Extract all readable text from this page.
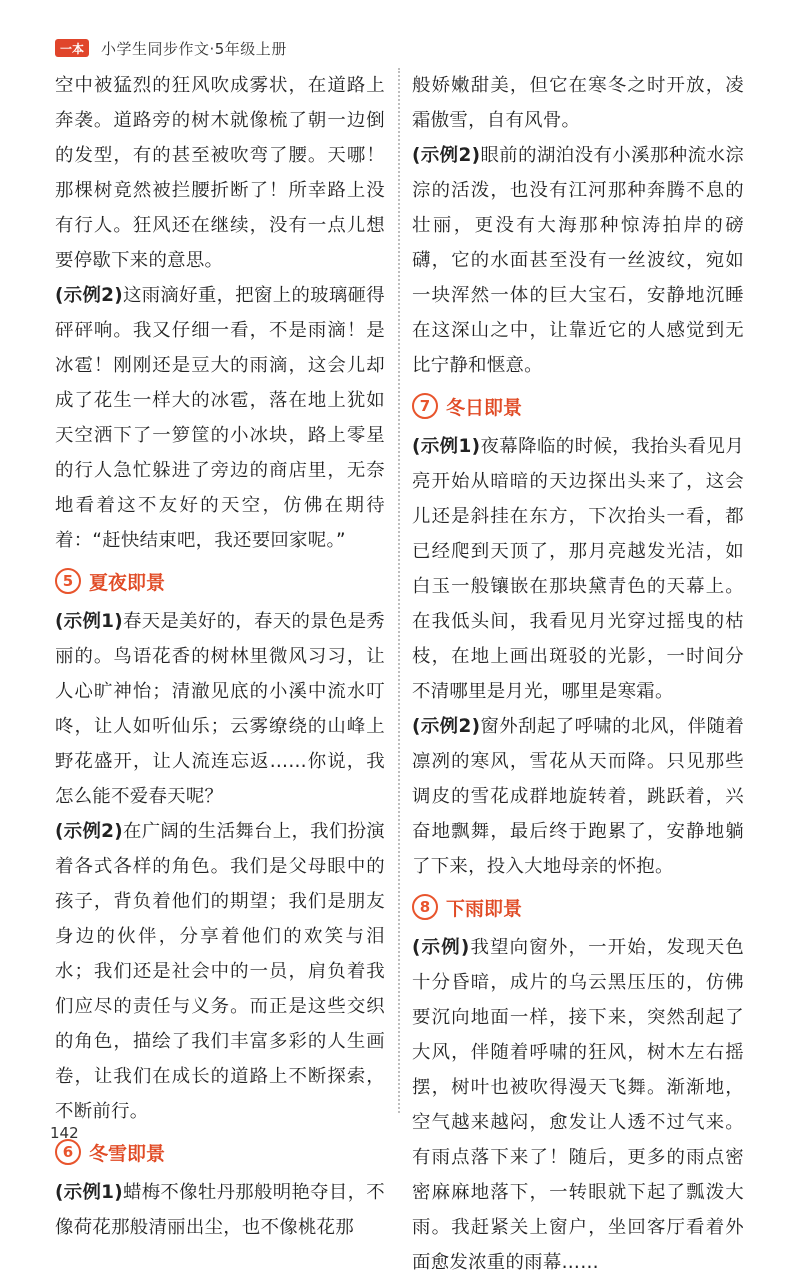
一本	小学生同步作文·5年级上册

空中被猛烈的狂风吹成雾状，在道路上奔袭。道路旁的树木就像梳了朝一边倒的发型，有的甚至被吹弯了腰。天哪！那棵树竟然被拦腰折断了！所幸路上没有行人。狂风还在继续，没有一点儿想要停歇下来的意思。

(示例2)这雨滴好重，把窗上的玻璃砸得砰砰响。我又仔细一看，不是雨滴！是冰雹！刚刚还是豆大的雨滴，这会儿却成了花生一样大的冰雹，落在地上犹如天空洒下了一箩筐的小冰块，路上零星的行人急忙躲进了旁边的商店里，无奈地看着这不友好的天空，仿佛在期待着：“赶快结束吧，我还要回家呢。”

5 夏夜即景

(示例1)春天是美好的，春天的景色是秀丽的。鸟语花香的树林里微风习习，让人心旷神怡；清澈见底的小溪中流水叮咚，让人如听仙乐；云雾缭绕的山峰上野花盛开，让人流连忘返……你说，我怎么能不爱春天呢？

(示例2)在广阔的生活舞台上，我们扮演着各式各样的角色。我们是父母眼中的孩子，背负着他们的期望；我们是朋友身边的伙伴，分享着他们的欢笑与泪水；我们还是社会中的一员，肩负着我们应尽的责任与义务。而正是这些交织的角色，描绘了我们丰富多彩的人生画卷，让我们在成长的道路上不断探索，不断前行。

6 冬雪即景

(示例1)蜡梅不像牡丹那般明艳夺目，不像荷花那般清丽出尘，也不像桃花那

般娇嫩甜美，但它在寒冬之时开放，凌霜傲雪，自有风骨。

(示例2)眼前的湖泊没有小溪那种流水淙淙的活泼，也没有江河那种奔腾不息的壮丽，更没有大海那种惊涛拍岸的磅礴，它的水面甚至没有一丝波纹，宛如一块浑然一体的巨大宝石，安静地沉睡在这深山之中，让靠近它的人感觉到无比宁静和惬意。

7 冬日即景

(示例1)夜幕降临的时候，我抬头看见月亮开始从暗暗的天边探出头来了，这会儿还是斜挂在东方，下次抬头一看，都已经爬到天顶了，那月亮越发光洁，如白玉一般镶嵌在那块黛青色的天幕上。在我低头间，我看见月光穿过摇曳的枯枝，在地上画出斑驳的光影，一时间分不清哪里是月光，哪里是寒霜。

(示例2)窗外刮起了呼啸的北风，伴随着凛冽的寒风，雪花从天而降。只见那些调皮的雪花成群地旋转着，跳跃着，兴奋地飘舞，最后终于跑累了，安静地躺了下来，投入大地母亲的怀抱。

8 下雨即景

(示例)我望向窗外，一开始，发现天色十分昏暗，成片的乌云黑压压的，仿佛要沉向地面一样，接下来，突然刮起了大风，伴随着呼啸的狂风，树木左右摇摆，树叶也被吹得漫天飞舞。渐渐地，空气越来越闷，愈发让人透不过气来。有雨点落下来了！随后，更多的雨点密密麻麻地落下，一转眼就下起了瓢泼大雨。我赶紧关上窗户，坐回客厅看着外面愈发浓重的雨幕……

142
